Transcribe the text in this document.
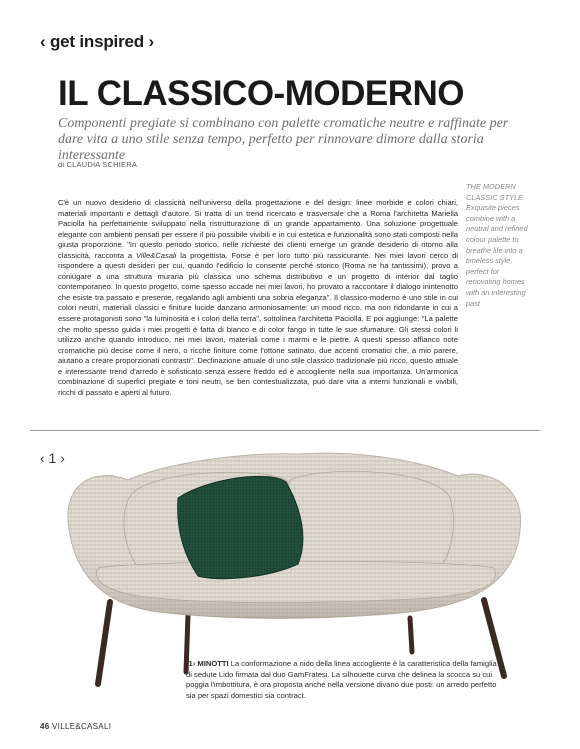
‹ get inspired ›
IL CLASSICO-MODERNO

Componenti pregiate si combinano con palette cromatiche neutre e raffinate per dare vita a uno stile senza tempo, perfetto per rinnovare dimore dalla storia interessante

di CLAUDIA SCHIERA

C'è un nuovo desiderio di classicità nell'universo della progettazione e del design: linee morbide e colori chiari, materiali importanti e dettagli d'autore. Si tratta di un trend ricercato e trasversale che a Roma l'architetta Mariella Paciolla ha perfettamente sviluppato nella ristrutturazione di un grande appartamento. Una soluzione progettuale elegante con ambienti pensati per essere il più possibile vivibili e in cui estetica e funzionalità sono stati composti nella giusta proporzione. "In questo periodo storico, nelle richieste dei clienti emerge un grande desiderio di ritorno alla classicità, racconta a Ville&Casali la progettista. Forse è per loro tutto più rassicurante. Nei miei lavori cerco di rispondere a questi desideri per cui, quando l'edificio lo consente perché storico (Roma ne ha tantissimi), provo a coniugare a una struttura muraria più classica uno schema distributivo e un progetto di interior dal taglio contemporaneo. In questo progetto, come spesso accade nei miei lavori, ho provato a raccontare il dialogo inintenotto che esiste tra passato e presente, regalando agli ambienti una sobria eleganza". Il classico-moderno è uno stile in cui colori neutri, materiali classici e finiture lucide danzano armoniosamente: un mood ricco, ma non ridondante in cui a essere protagonisti sono "la luminosità e i colori della terra", sottolinea l'architetta Paciolla. E poi aggiunge: "La palette che molto spesso guida i miei progetti è fatta di bianco e di color fango in tutte le sue sfumature. Gli stessi colori li utilizzo anche quando introduco, nei miei lavori, materiali come i marmi e le pietre. A questi spesso affianco note cromatiche più decise come il nero, o ricche finiture come l'ottone satinato, due accenti cromatici che, a mio parere, aiutano a creare proporzionati contrasti". Declinazione attuale di uno stile classico tradizionale più ricco, questo attuale e interessante trend d'arredo è sofisticato senza essere freddo ed è accogliente nella sua importanza. Un'armonica combinazione di superfici pregiate e toni neutri, se ben contestualizzata, può dare vita a interni funzionali e vivibili, ricchi di passato e aperti al futuro.

THE MODERN CLASSIC STYLE
Exquisite pieces combine with a neutral and refined colour palette to breathe life into a timeless style, perfect for renovating homes with an interesting past
‹ 1 ›

‹1› MINOTTI La conformazione a nido della linea accogliente è la caratteristica della famiglia di sedute Lido firmata dal duo GamFratesi. La silhouette curva che delinea la scocca su cui poggia l'imbottitura, è ora proposta anche nella versione divano due posti: un arredo perfetto sia per spazi domestici sia contract.

46 VILLE&CASALI
